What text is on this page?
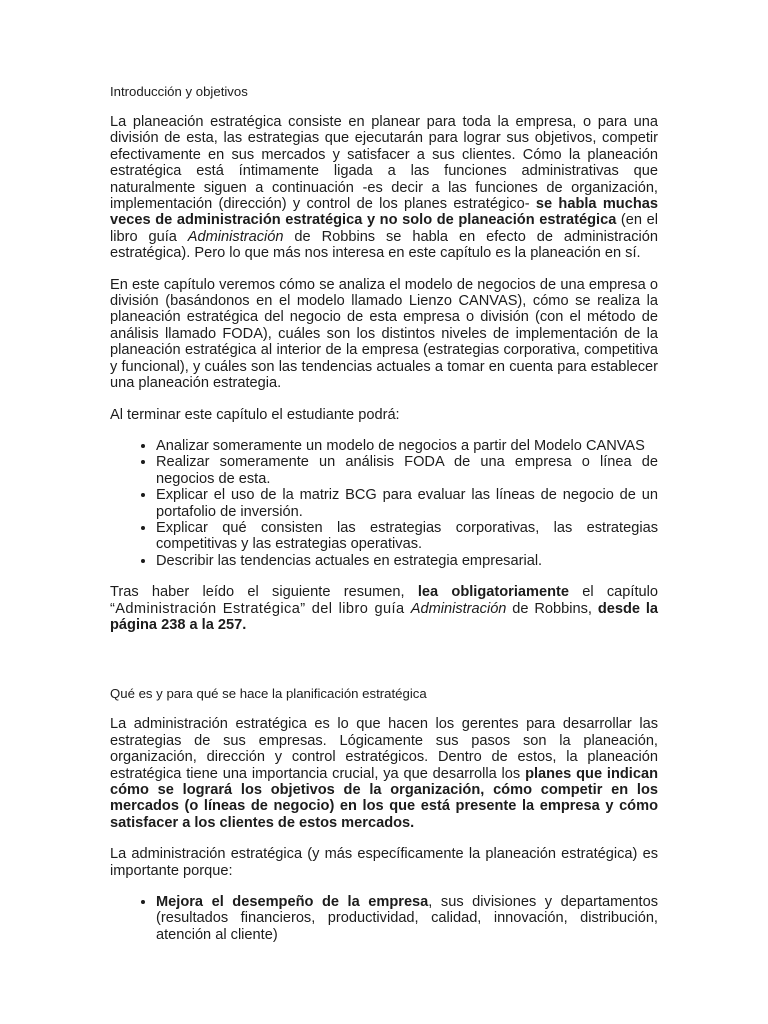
Introducción y objetivos

La planeación estratégica consiste en planear para toda la empresa, o para una división de esta, las estrategias que ejecutarán para lograr sus objetivos, competir efectivamente en sus mercados y satisfacer a sus clientes. Cómo la planeación estratégica está íntimamente ligada a las funciones administrativas que naturalmente siguen a continuación -es decir a las funciones de organización, implementación (dirección) y control de los planes estratégico- se habla muchas veces de administración estratégica y no solo de planeación estratégica (en el libro guía Administración de Robbins se habla en efecto de administración estratégica). Pero lo que más nos interesa en este capítulo es la planeación en sí.

En este capítulo veremos cómo se analiza el modelo de negocios de una empresa o división (basándonos en el modelo llamado Lienzo CANVAS), cómo se realiza la planeación estratégica del negocio de esta empresa o división (con el método de análisis llamado FODA), cuáles son los distintos niveles de implementación de la planeación estratégica al interior de la empresa (estrategias corporativa, competitiva y funcional), y cuáles son las tendencias actuales a tomar en cuenta para establecer una planeación estrategia.

Al terminar este capítulo el estudiante podrá:

• Analizar someramente un modelo de negocios a partir del Modelo CANVAS
• Realizar someramente un análisis FODA de una empresa o línea de negocios de esta.
• Explicar el uso de la matriz BCG para evaluar las líneas de negocio de un portafolio de inversión.
• Explicar qué consisten las estrategias corporativas, las estrategias competitivas y las estrategias operativas.
• Describir las tendencias actuales en estrategia empresarial.

Tras haber leído el siguiente resumen, lea obligatoriamente el capítulo “Administración Estratégica” del libro guía Administración de Robbins, desde la página 238 a la 257.

Qué es y para qué se hace la planificación estratégica

La administración estratégica es lo que hacen los gerentes para desarrollar las estrategias de sus empresas. Lógicamente sus pasos son la planeación, organización, dirección y control estratégicos. Dentro de estos, la planeación estratégica tiene una importancia crucial, ya que desarrolla los planes que indican cómo se logrará los objetivos de la organización, cómo competir en los mercados (o líneas de negocio) en los que está presente la empresa y cómo satisfacer a los clientes de estos mercados.

La administración estratégica (y más específicamente la planeación estratégica) es importante porque:

• Mejora el desempeño de la empresa, sus divisiones y departamentos (resultados financieros, productividad, calidad, innovación, distribución, atención al cliente)
